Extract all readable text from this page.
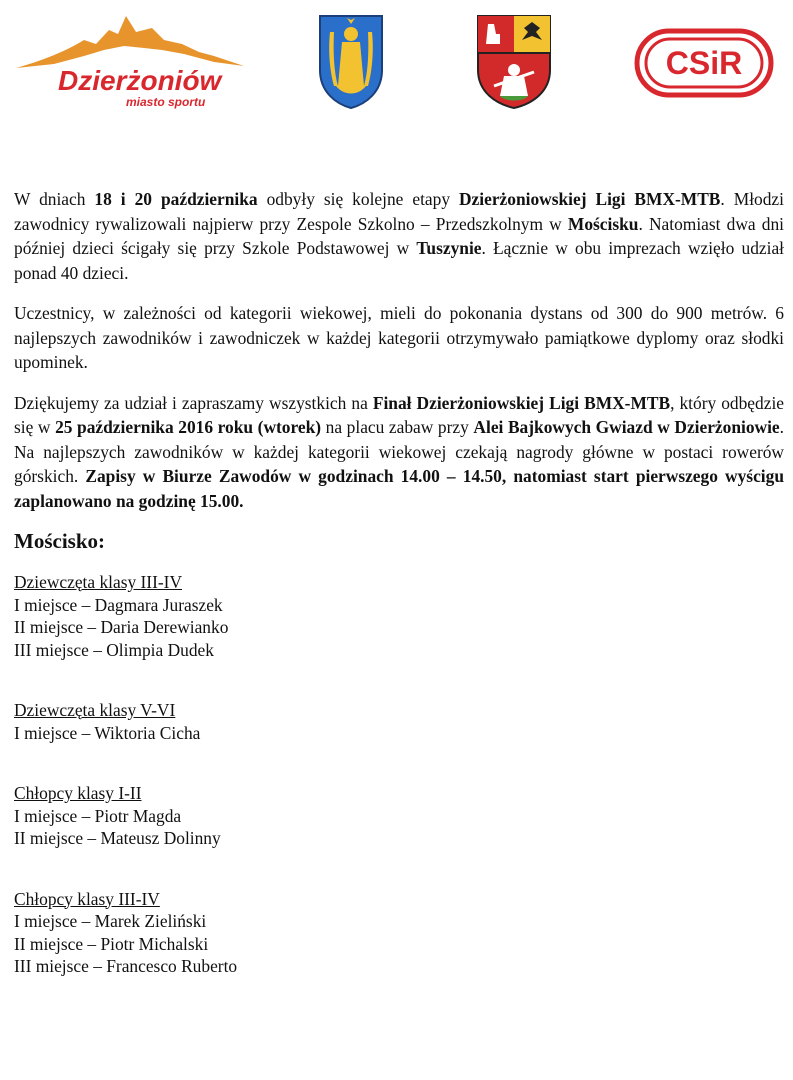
Dzierżoniów
miasto sportu
CSiR

W dniach 18 i 20 października odbyły się kolejne etapy Dzierżoniowskiej Ligi BMX-MTB. Młodzi zawodnicy rywalizowali najpierw przy Zespole Szkolno – Przedszkolnym w Mościsku. Natomiast dwa dni później dzieci ścigały się przy Szkole Podstawowej w Tuszynie. Łącznie w obu imprezach wzięło udział ponad 40 dzieci.

Uczestnicy, w zależności od kategorii wiekowej, mieli do pokonania dystans od 300 do 900 metrów. 6 najlepszych zawodników i zawodniczek w każdej kategorii otrzymywało pamiątkowe dyplomy oraz słodki upominek.

Dziękujemy za udział i zapraszamy wszystkich na Finał Dzierżoniowskiej Ligi BMX-MTB, który odbędzie się w 25 października 2016 roku (wtorek) na placu zabaw przy Alei Bajkowych Gwiazd w Dzierżoniowie. Na najlepszych zawodników w każdej kategorii wiekowej czekają nagrody główne w postaci rowerów górskich. Zapisy w Biurze Zawodów w godzinach 14.00 – 14.50, natomiast start pierwszego wyścigu zaplanowano na godzinę 15.00.

Mościsko:
Dziewczęta klasy III-IV
I miejsce – Dagmara Juraszek
II miejsce – Daria Derewianko
III miejsce – Olimpia Dudek
Dziewczęta klasy V-VI
I miejsce – Wiktoria Cicha
Chłopcy klasy I-II
I miejsce – Piotr Magda
II miejsce – Mateusz Dolinny
Chłopcy klasy III-IV
I miejsce – Marek Zieliński
II miejsce – Piotr Michalski
III miejsce – Francesco Ruberto
